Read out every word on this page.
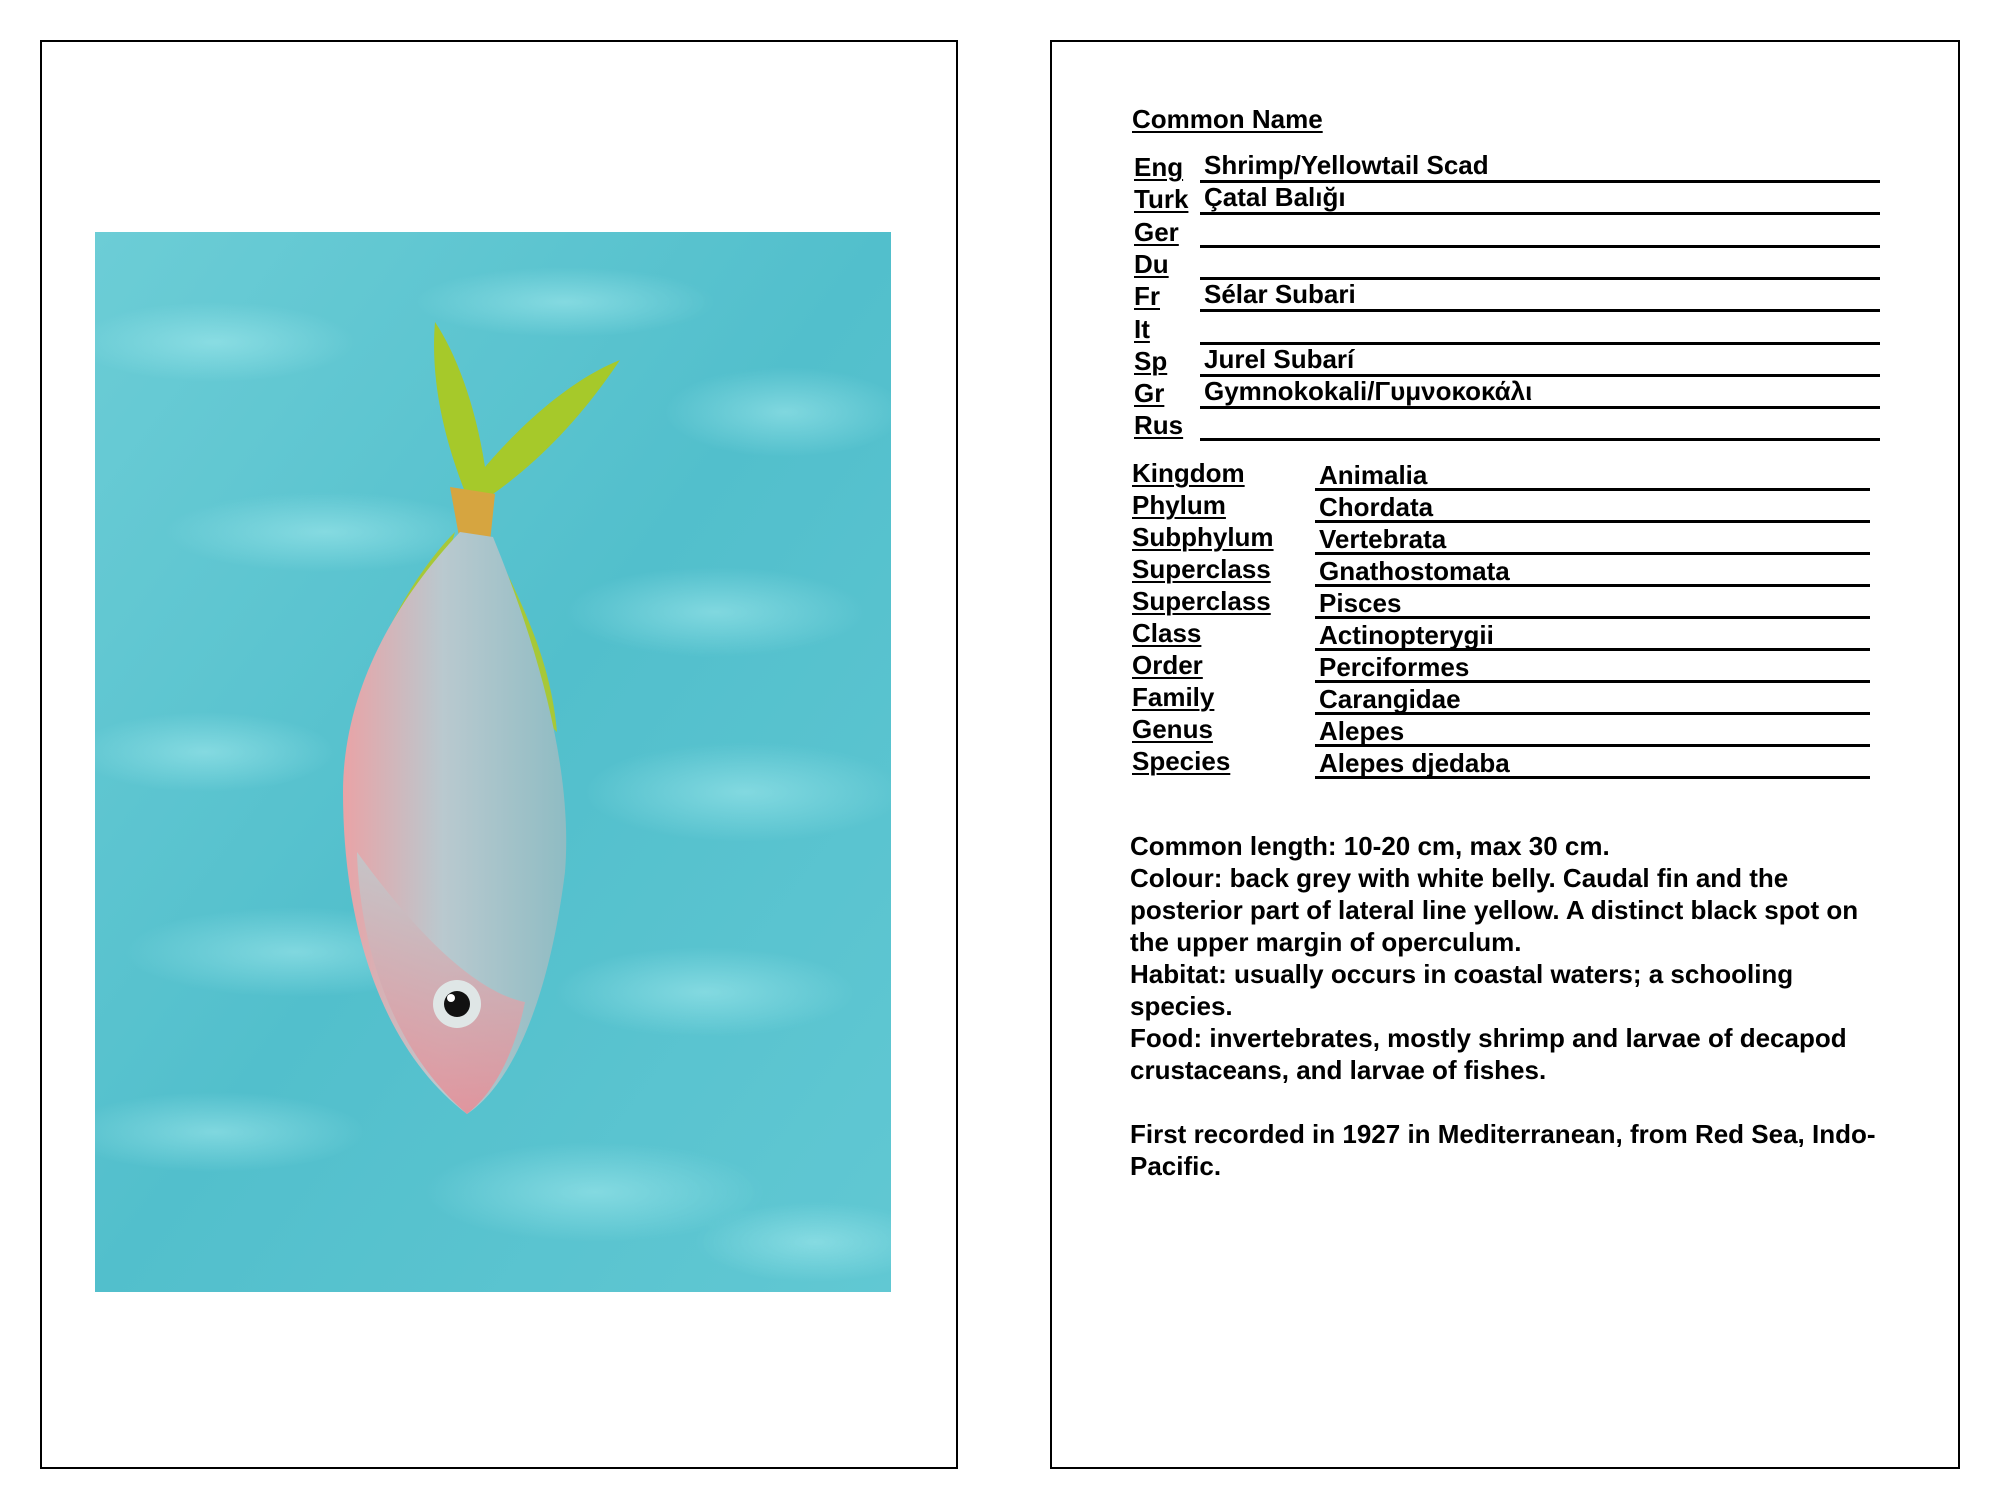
Common Name
Eng Shrimp/Yellowtail Scad
Turk Çatal Balığı
Ger
Du
Fr Sélar Subari
It
Sp Jurel Subarí
Gr Gymnokokali/Γυμνοκοκάλι
Rus
Kingdom	Animalia
Phylum	Chordata
Subphylum Vertebrata
Superclass Gnathostomata
Superclass Pisces
Class	Actinopterygii
Order	Perciformes
Family	Carangidae
Genus	Alepes
Species	Alepes djedaba

Common length: 10-20 cm, max 30 cm.

Colour: back grey with white belly. Caudal fin and the posterior part of lateral line yellow. A distinct black spot on the upper margin of operculum.

Habitat: usually occurs in coastal waters; a schooling species.

Food: invertebrates, mostly shrimp and larvae of decapod crustaceans, and larvae of fishes.

First recorded in 1927 in Mediterranean, from Red Sea, Indo-Pacific.
